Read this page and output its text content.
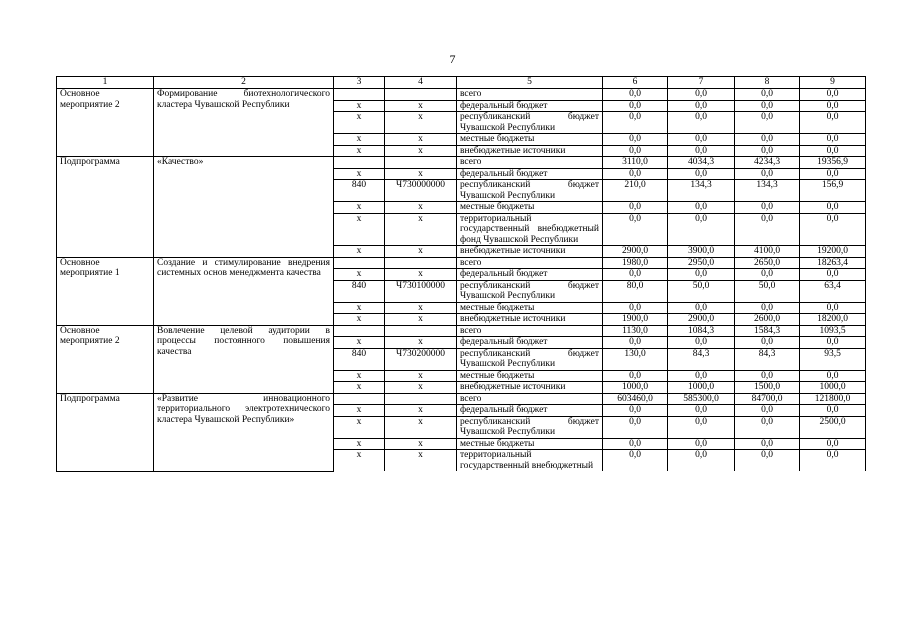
7
1	2	3	4	5	6	7	8	9
Основное мероприятие 2	Формирование биотехнологического кластера Чувашской Республики			всего	0,0	0,0	0,0	0,0
		х	х	федеральный бюджет	0,0	0,0	0,0	0,0
		х	х	республиканский бюджет Чувашской Республики	0,0	0,0	0,0	0,0
		х	х	местные бюджеты	0,0	0,0	0,0	0,0
		х	х	внебюджетные источники	0,0	0,0	0,0	0,0
Подпрограмма	«Качество»			всего	3110,0	4034,3	4234,3	19356,9
		х	х	федеральный бюджет	0,0	0,0	0,0	0,0
		840	Ч730000000	республиканский бюджет Чувашской Республики	210,0	134,3	134,3	156,9
		х	х	местные бюджеты	0,0	0,0	0,0	0,0
		х	х	территориальный государственный внебюджетный фонд Чувашской Республики	0,0	0,0	0,0	0,0
		х	х	внебюджетные источники	2900,0	3900,0	4100,0	19200,0
Основное мероприятие 1	Создание и стимулирование внедрения системных основ менеджмента качества			всего	1980,0	2950,0	2650,0	18263,4
		х	х	федеральный бюджет	0,0	0,0	0,0	0,0
		840	Ч730100000	республиканский бюджет Чувашской Республики	80,0	50,0	50,0	63,4
		х	х	местные бюджеты	0,0	0,0	0,0	0,0
		х	х	внебюджетные источники	1900,0	2900,0	2600,0	18200,0
Основное мероприятие 2	Вовлечение целевой аудитории в процессы постоянного повышения качества			всего	1130,0	1084,3	1584,3	1093,5
		х	х	федеральный бюджет	0,0	0,0	0,0	0,0
		840	Ч730200000	республиканский бюджет Чувашской Республики	130,0	84,3	84,3	93,5
		х	х	местные бюджеты	0,0	0,0	0,0	0,0
		х	х	внебюджетные источники	1000,0	1000,0	1500,0	1000,0
Подпрограмма	«Развитие инновационного территориального электротехнического кластера Чувашской Республики»			всего	603460,0	585300,0	84700,0	121800,0
		х	х	федеральный бюджет	0,0	0,0	0,0	0,0
		х	х	республиканский бюджет Чувашской Республики	0,0	0,0	0,0	2500,0
		х	х	местные бюджеты	0,0	0,0	0,0	0,0
		х	х	территориальный государственный внебюджетный	0,0	0,0	0,0	0,0
